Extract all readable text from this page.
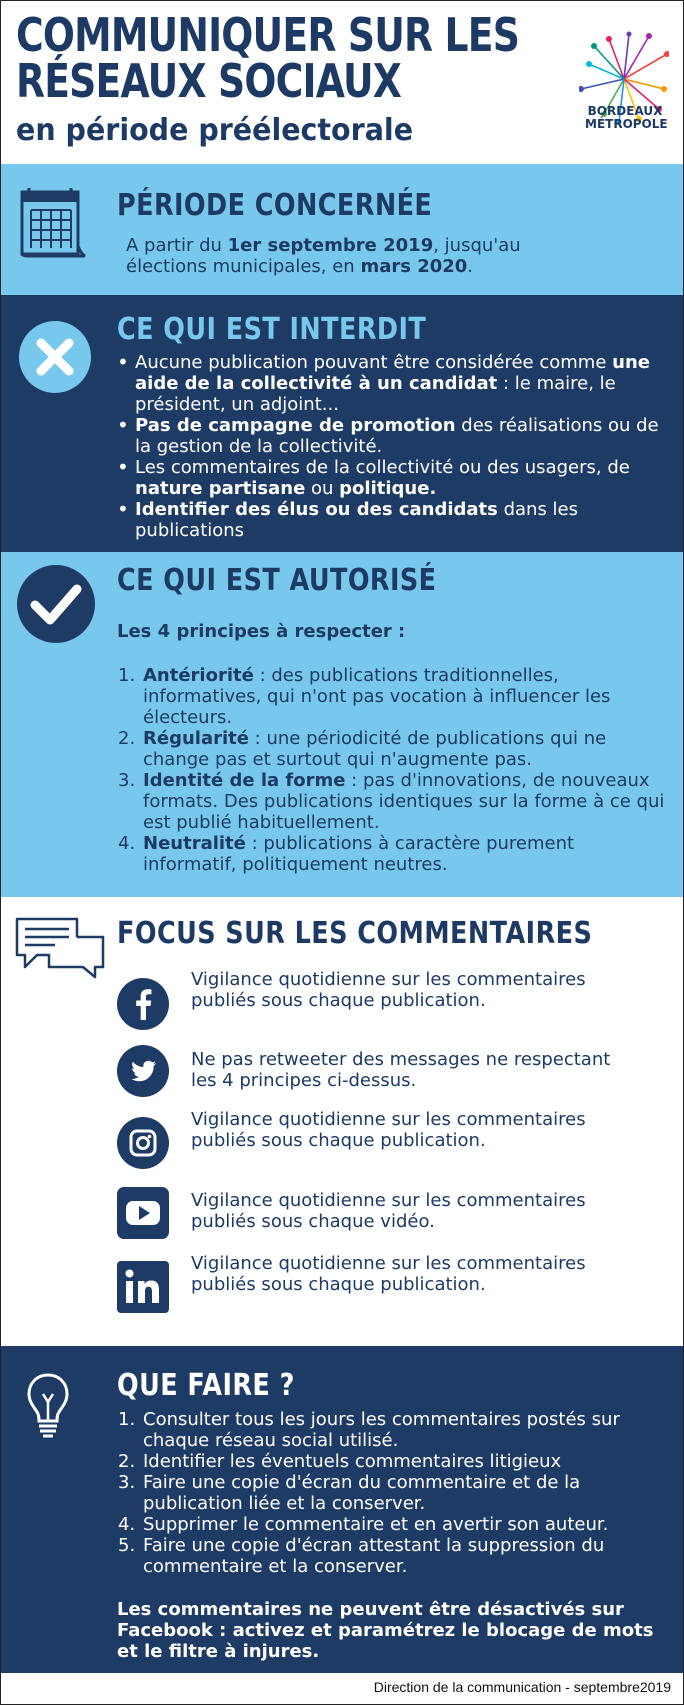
COMMUNIQUER SUR LES
RÉSEAUX SOCIAUX
en période préélectorale
BORDEAUX
MÉTROPOLE
PÉRIODE CONCERNÉE
A partir du 1er septembre 2019, jusqu'au élections municipales, en mars 2020.
CE QUI EST INTERDIT
• Aucune publication pouvant être considérée comme une aide de la collectivité à un candidat : le maire, le président, un adjoint...
• Pas de campagne de promotion des réalisations ou de la gestion de la collectivité.
• Les commentaires de la collectivité ou des usagers, de nature partisane ou politique.
• Identifier des élus ou des candidats dans les publications
CE QUI EST AUTORISÉ
Les 4 principes à respecter :
1. Antériorité : des publications traditionnelles, informatives, qui n'ont pas vocation à influencer les électeurs.
2. Régularité : une périodicité de publications qui ne change pas et surtout qui n'augmente pas.
3. Identité de la forme : pas d'innovations, de nouveaux formats. Des publications identiques sur la forme à ce qui est publié habituellement.
4. Neutralité : publications à caractère purement informatif, politiquement neutres.
FOCUS SUR LES COMMENTAIRES
Vigilance quotidienne sur les commentaires publiés sous chaque publication.
Ne pas retweeter des messages ne respectant les 4 principes ci-dessus.
Vigilance quotidienne sur les commentaires publiés sous chaque publication.
Vigilance quotidienne sur les commentaires publiés sous chaque vidéo.
Vigilance quotidienne sur les commentaires publiés sous chaque publication.
QUE FAIRE ?
1. Consulter tous les jours les commentaires postés sur chaque réseau social utilisé.
2. Identifier les éventuels commentaires litigieux
3. Faire une copie d'écran du commentaire et de la publication liée et la conserver.
4. Supprimer le commentaire et en avertir son auteur.
5. Faire une copie d'écran attestant la suppression du commentaire et la conserver.
Les commentaires ne peuvent être désactivés sur Facebook : activez et paramétrez le blocage de mots et le filtre à injures.
Direction de la communication - septembre2019
